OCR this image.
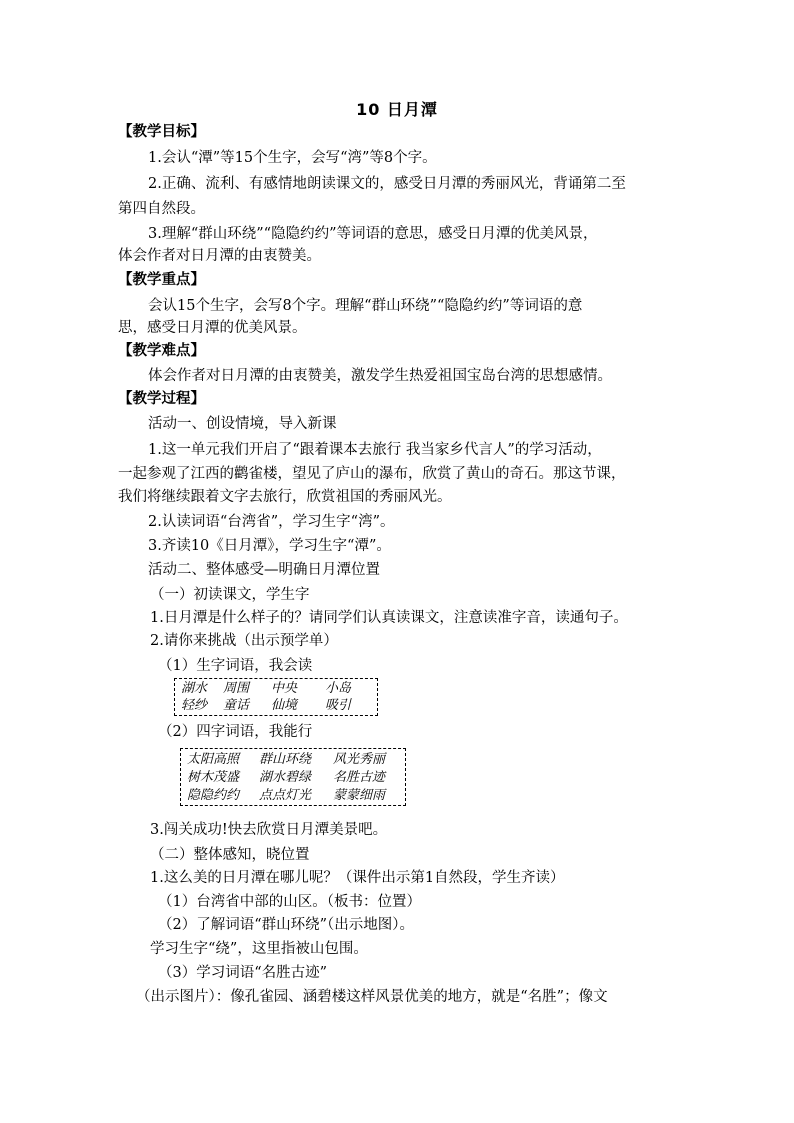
10 日月潭
【教学目标】
1.会认“潭”等15个生字，会写“湾”等8个字。
2.正确、流利、有感情地朗读课文的，感受日月潭的秀丽风光，背诵第二至
第四自然段。
3.理解“群山环绕”“隐隐约约”等词语的意思，感受日月潭的优美风景，
体会作者对日月潭的由衷赞美。
【教学重点】
会认15个生字，会写8个字。理解“群山环绕”“隐隐约约”等词语的意
思，感受日月潭的优美风景。
【教学难点】
体会作者对日月潭的由衷赞美，激发学生热爱祖国宝岛台湾的思想感情。
【教学过程】
活动一、创设情境，导入新课
1.这一单元我们开启了“跟着课本去旅行 我当家乡代言人”的学习活动，
一起参观了江西的鹳雀楼，望见了庐山的瀑布，欣赏了黄山的奇石。那这节课，
我们将继续跟着文字去旅行，欣赏祖国的秀丽风光。
2.认读词语“台湾省”，学习生字“湾”。
3.齐读10《日月潭》，学习生字“潭”。
活动二、整体感受—明确日月潭位置
（一）初读课文，学生字
1.日月潭是什么样子的？请同学们认真读课文，注意读准字音，读通句子。
2.请你来挑战（出示预学单）
（1）生字词语，我会读
湖水 周围 中央 小岛
轻纱 童话 仙境 吸引
（2）四字词语，我能行
太阳高照 群山环绕 风光秀丽
树木茂盛 湖水碧绿 名胜古迹
隐隐约约 点点灯光 蒙蒙细雨
3.闯关成功!快去欣赏日月潭美景吧。
（二）整体感知，晓位置
1.这么美的日月潭在哪儿呢？（课件出示第1自然段，学生齐读）
（1）台湾省中部的山区。（板书：位置）
（2）了解词语“群山环绕”（出示地图）。
学习生字“绕”，这里指被山包围。
（3）学习词语“名胜古迹”
（出示图片）：像孔雀园、涵碧楼这样风景优美的地方，就是“名胜”；像文
